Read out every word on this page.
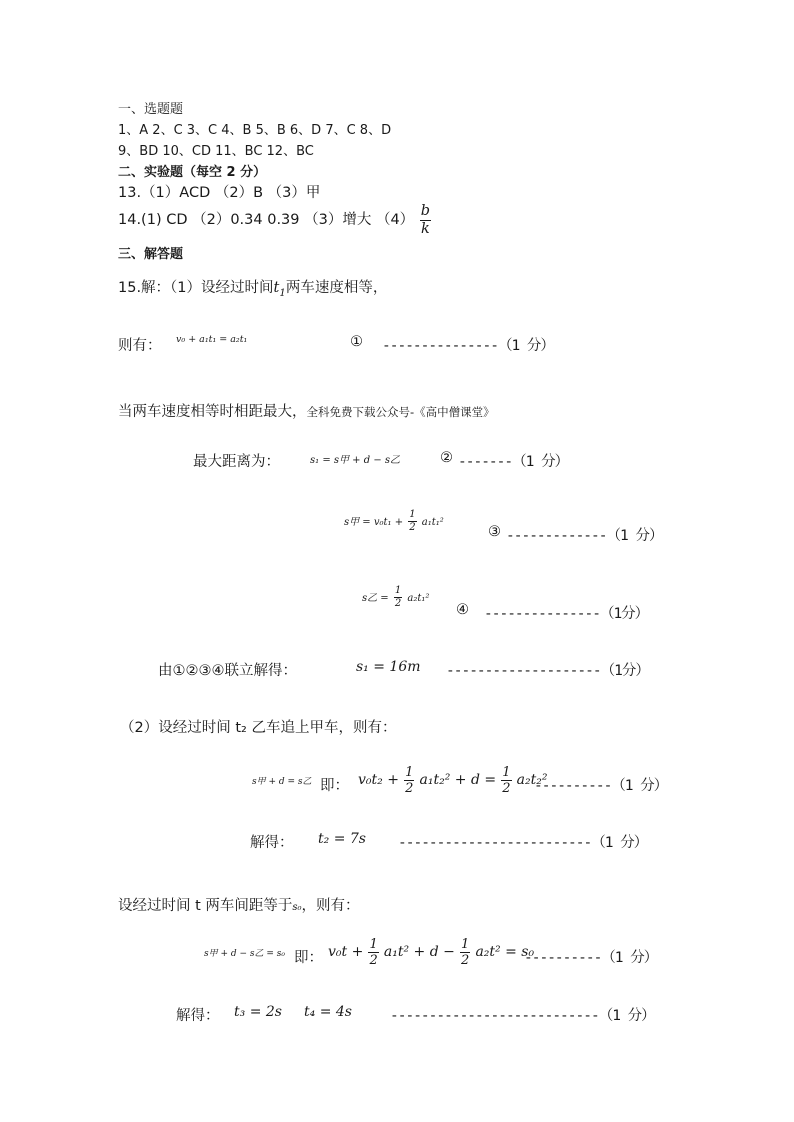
一、选题题
1、A 2、C 3、C 4、B 5、B 6、D 7、C 8、D
9、BD 10、CD 11、BC 12、BC
二、实验题（每空 2 分）
13.（1）ACD （2）B （3）甲
14.(1) CD （2）0.34 0.39 （3）增大 $(4) \frac{b}{k}$
三、解答题
15.解：（1）设经过时间$t_1$两车速度相等，
则有： v₀ + a₁t₁ = a₂t₁	① ---------------（1 分）
当两车速度相等时相距最大，全科免费下载公众号-《高中僧课堂》
最大距离为：	s₁ = s甲 + d − s乙	② -------（1 分）
s甲 = $v_0t_1 + \frac{1}{2} a_1t_1^2$
③ -------------（1 分）
s乙 = $\frac{1}{2} a_2t_1^2$
④ ---------------（1分）
由①②③④联立解得：	s₁ = 16m --------------------（1分）
（2）设经过时间 t₂ 乙车追上甲车，则有：
s甲 + d = s乙 即： $v_0t_2 + \frac{1}{2} a_1t_2^2 + d = \frac{1}{2} a_2t_2^2$
----------（1 分）
解得： t₂ = 7s -------------------------（1 分）
设经过时间 t 两车间距等于s₀，则有：
s甲 + d − s乙 = s₀ 即： $v_0t + \frac{1}{2} a_1t^2 + d - \frac{1}{2} a_2t^2 = s_0$
----------（1 分）
解得： t₃ = 2s t₄ = 4s	---------------------------（1 分）
